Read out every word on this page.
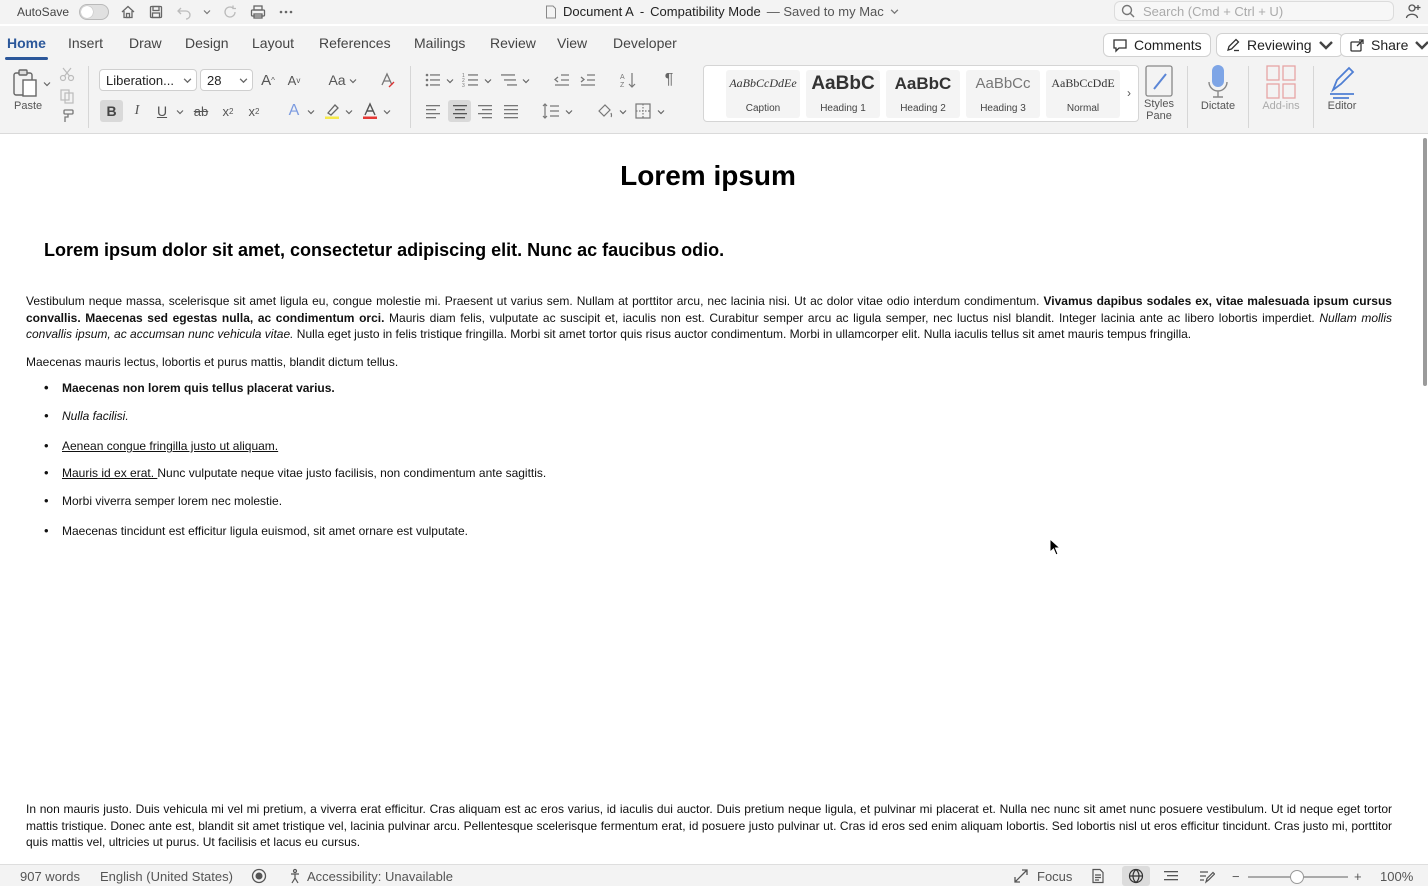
AutoSave	Document A - Compatibility Mode — Saved to my Mac
Search (Cmd + Ctrl + U)
Home Insert Draw Design Layout References Mailings Review View Developer	Comments	Reviewing	Share
Paste
Liberation...	28	A ^ A v Aa
B	I	U	ab	x 2	x 2 A
1
2
3
A
Z	¶	AaBbCcDdEe
Caption
AaBbC
Heading 1
AaBbC
Heading 2
AaBbCc
Heading 3
AaBbCcDdE
Normal
›
Styles
Pane
Dictate	Add-ins	Editor
Lorem ipsum
Lorem ipsum dolor sit amet, consectetur adipiscing elit. Nunc ac faucibus odio.
Vestibulum neque massa, scelerisque sit amet ligula eu, congue molestie mi. Praesent ut varius sem. Nullam at porttitor arcu, nec lacinia nisi. Ut ac dolor vitae odio interdum condimentum. Vivamus dapibus sodales ex, vitae malesuada ipsum cursus convallis. Maecenas sed egestas nulla, ac condimentum orci. Mauris diam felis, vulputate ac suscipit et, iaculis non est. Curabitur semper arcu ac ligula semper, nec luctus nisl blandit. Integer lacinia ante ac libero lobortis imperdiet. Nullam mollis convallis ipsum, ac accumsan nunc vehicula vitae. Nulla eget justo in felis tristique fringilla. Morbi sit amet tortor quis risus auctor condimentum. Morbi in ullamcorper elit. Nulla iaculis tellus sit amet mauris tempus fringilla.
Maecenas mauris lectus, lobortis et purus mattis, blandit dictum tellus.
• Maecenas non lorem quis tellus placerat varius.
• Nulla facilisi.
• Aenean congue fringilla justo ut aliquam.
• Mauris id ex erat. Nunc vulputate neque vitae justo facilisis, non condimentum ante sagittis.
• Morbi viverra semper lorem nec molestie.
• Maecenas tincidunt est efficitur ligula euismod, sit amet ornare est vulputate.
In non mauris justo. Duis vehicula mi vel mi pretium, a viverra erat efficitur. Cras aliquam est ac eros varius, id iaculis dui auctor. Duis pretium neque ligula, et pulvinar mi placerat et. Nulla nec nunc sit amet nunc posuere vestibulum. Ut id neque eget tortor mattis tristique. Donec ante est, blandit sit amet tristique vel, lacinia pulvinar arcu. Pellentesque scelerisque fermentum erat, id posuere justo pulvinar ut. Cras id eros sed enim aliquam lobortis. Sed lobortis nisl ut eros efficitur tincidunt. Cras justo mi, porttitor quis mattis vel, ultricies ut purus. Ut facilisis et lacus eu cursus.
907 words English (United States)	Accessibility: Unavailable	Focus	−	+ 100%
